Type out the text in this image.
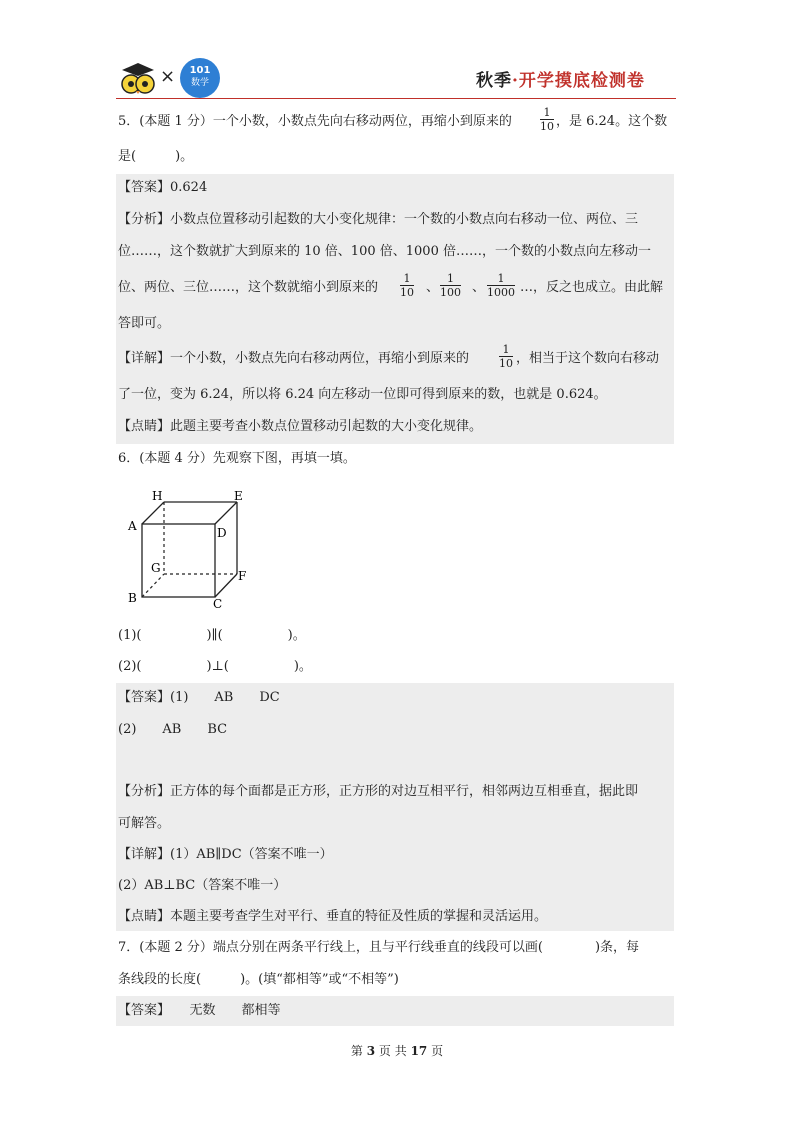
×	101
数学	秋季·开学摸底检测卷
5．(本题 1 分）一个小数，小数点先向右移动两位，再缩小到原来的	$\frac{1}{10}$ ，是 6.24。这个数
是(　　　)。
【答案】0.624
【分析】小数点位置移动引起数的大小变化规律：一个数的小数点向右移动一位、两位、三
位……，这个数就扩大到原来的 10 倍、100 倍、1000 倍……，一个数的小数点向左移动一
位、两位、三位……，这个数就缩小到原来的 $\frac{1}{10}$ 、 $\frac{1}{100}$ 、 $\frac{1}{1000}$ …，反之也成立。由此解
答即可。
【详解】一个小数，小数点先向右移动两位，再缩小到原来的	$\frac{1}{10}$ ，相当于这个数向右移动
了一位，变为 6.24，所以将 6.24 向左移动一位即可得到原来的数，也就是 0.624。
【点睛】此题主要考查小数点位置移动引起数的大小变化规律。
6．(本题 4 分）先观察下图，再填一填。
H	E
A	D
G
F
B	C
(1)(　　　　　)∥(　　　　　)。
(2)(　　　　　)⊥(　　　　　)。
【答案】(1)　　AB　　DC
(2)　　AB　　BC
【分析】正方体的每个面都是正方形，正方形的对边互相平行，相邻两边互相垂直，据此即
可解答。
【详解】(1）AB∥DC（答案不唯一）
(2）AB⊥BC（答案不唯一）
【点睛】本题主要考查学生对平行、垂直的特征及性质的掌握和灵活运用。
7．(本题 2 分）端点分别在两条平行线上，且与平行线垂直的线段可以画(　　　　)条，每
条线段的长度(　　　)。(填“都相等”或“不相等”)
【答案】　　无数　　都相等
第 3 页 共 17 页
